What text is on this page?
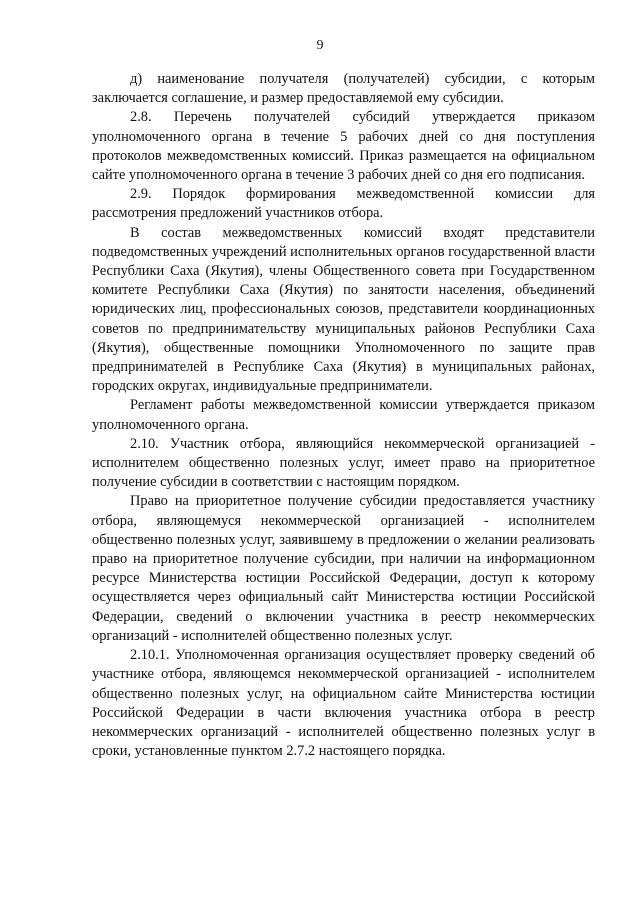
9

д) наименование получателя (получателей) субсидии, с которым заключается соглашение, и размер предоставляемой ему субсидии.

2.8. Перечень получателей субсидий утверждается приказом уполномоченного органа в течение 5 рабочих дней со дня поступления протоколов межведомственных комиссий. Приказ размещается на официальном сайте уполномоченного органа в течение 3 рабочих дней со дня его подписания.

2.9. Порядок формирования межведомственной комиссии для рассмотрения предложений участников отбора.

В состав межведомственных комиссий входят представители подведомственных учреждений исполнительных органов государственной власти Республики Саха (Якутия), члены Общественного совета при Государственном комитете Республики Саха (Якутия) по занятости населения, объединений юридических лиц, профессиональных союзов, представители координационных советов по предпринимательству муниципальных районов Республики Саха (Якутия), общественные помощники Уполномоченного по защите прав предпринимателей в Республике Саха (Якутия) в муниципальных районах, городских округах, индивидуальные предприниматели.

Регламент работы межведомственной комиссии утверждается приказом уполномоченного органа.

2.10. Участник отбора, являющийся некоммерческой организацией - исполнителем общественно полезных услуг, имеет право на приоритетное получение субсидии в соответствии с настоящим порядком.

Право на приоритетное получение субсидии предоставляется участнику отбора, являющемуся некоммерческой организацией - исполнителем общественно полезных услуг, заявившему в предложении о желании реализовать право на приоритетное получение субсидии, при наличии на информационном ресурсе Министерства юстиции Российской Федерации, доступ к которому осуществляется через официальный сайт Министерства юстиции Российской Федерации, сведений о включении участника в реестр некоммерческих организаций - исполнителей общественно полезных услуг.

2.10.1. Уполномоченная организация осуществляет проверку сведений об участнике отбора, являющемся некоммерческой организацией - исполнителем общественно полезных услуг, на официальном сайте Министерства юстиции Российской Федерации в части включения участника отбора в реестр некоммерческих организаций - исполнителей общественно полезных услуг в сроки, установленные пунктом 2.7.2 настоящего порядка.
